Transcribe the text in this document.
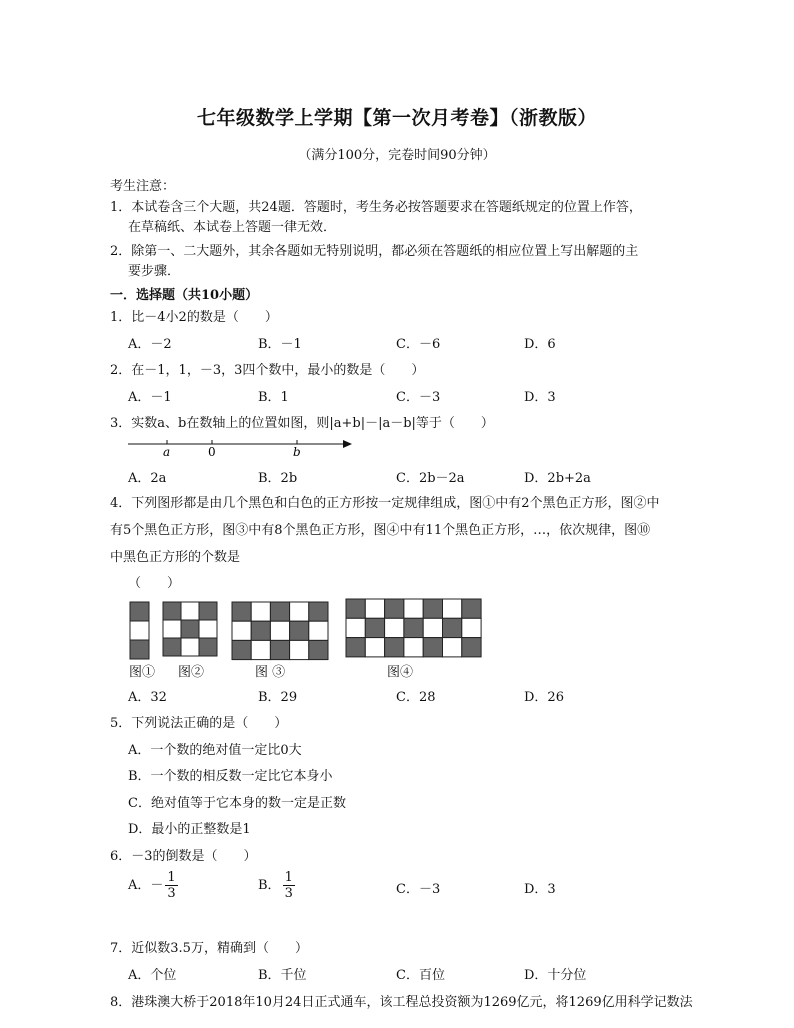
七年级数学上学期【第一次月考卷】（浙教版）
（满分100分，完卷时间90分钟）
考生注意：
1．本试卷含三个大题，共24题．答题时，考生务必按答题要求在答题纸规定的位置上作答，
在草稿纸、本试卷上答题一律无效．
2．除第一、二大题外，其余各题如无特别说明，都必须在答题纸的相应位置上写出解题的主
要步骤．
一．选择题（共10小题）
1．比－4小2的数是（　　）
A．－2	B．－1	C．－6	D．6
2．在－1，1，－3，3四个数中，最小的数是（　　）
A．－1	B．1	C．－3	D．3
3．实数a、b在数轴上的位置如图，则|a+b|－|a－b|等于（　　）
a	0	b
A．2a	B．2b	C．2b－2a	D．2b+2a
4．下列图形都是由几个黑色和白色的正方形按一定规律组成，图①中有2个黑色正方形，图②中
有5个黑色正方形，图③中有8个黑色正方形，图④中有11个黑色正方形，…，依次规律，图⑩
中黑色正方形的个数是
（　　）
图① 图②	图 ③	图④
A．32	B．29	C．28	D．26
5．下列说法正确的是（　　）
A．一个数的绝对值一定比0大
B．一个数的相反数一定比它本身小
C．绝对值等于它本身的数一定是正数
D．最小的正整数是1
6．－3的倒数是（　　）
A．－ $\frac{1}{3}$	B． $\frac{1}{3}$	C．－3	D．3
7．近似数3.5万，精确到（　　）
A．个位	B．千位	C．百位	D．十分位
8．港珠澳大桥于2018年10月24日正式通车，该工程总投资额为1269亿元，将1269亿用科学记数法
